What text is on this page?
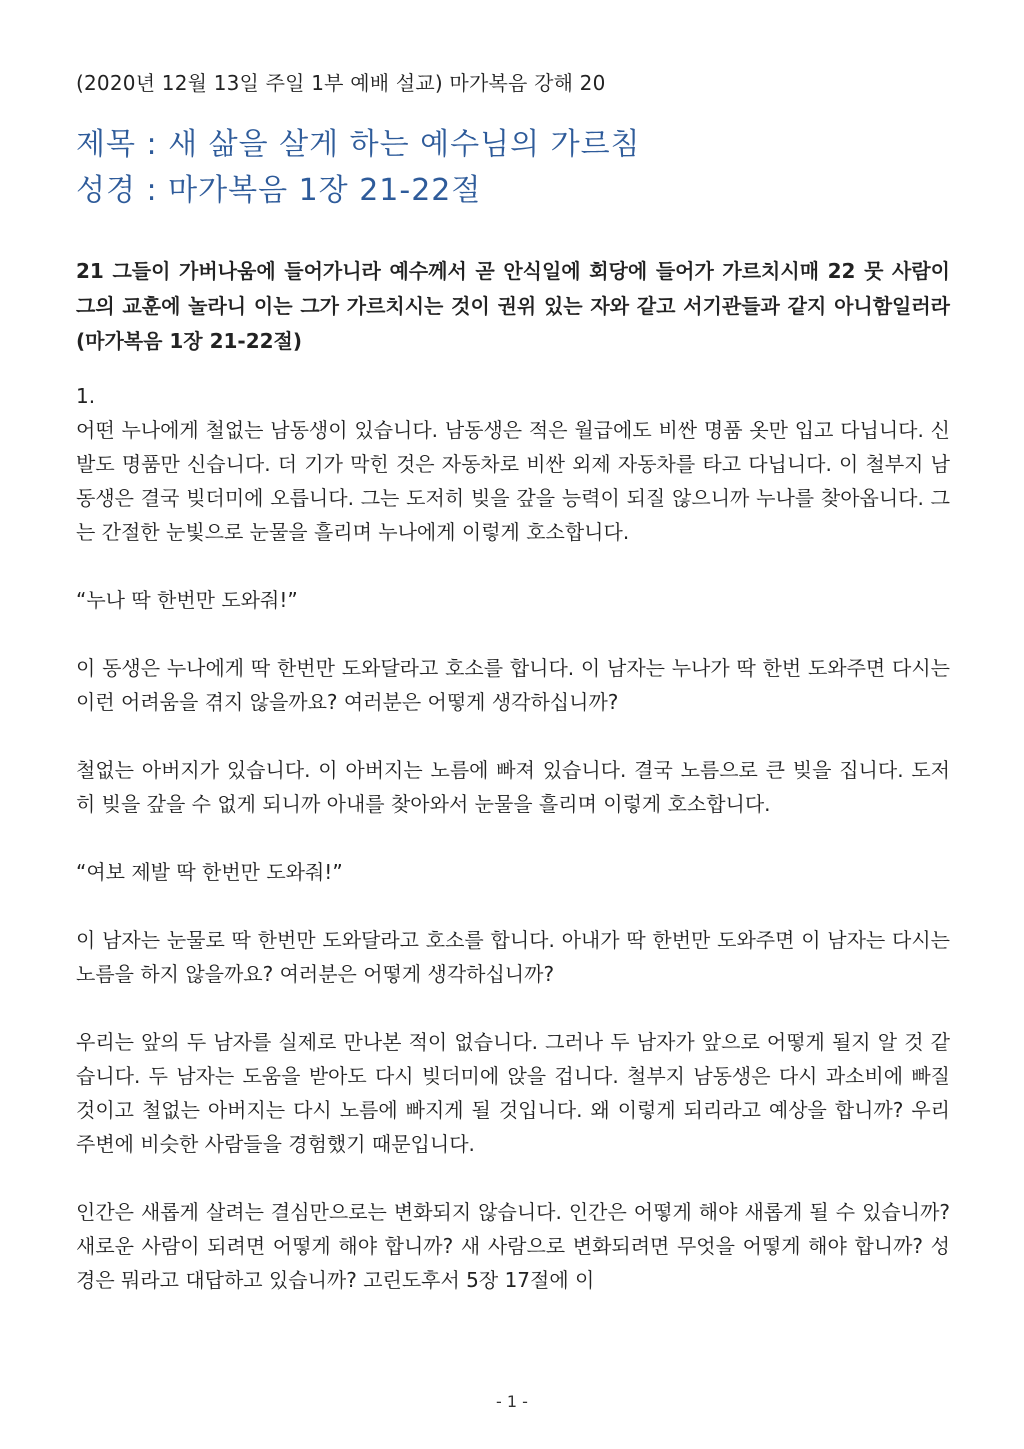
(2020년 12월 13일 주일 1부 예배 설교) 마가복음 강해 20
제목 : 새 삶을 살게 하는 예수님의 가르침
성경 : 마가복음 1장 21-22절
21 그들이 가버나움에 들어가니라 예수께서 곧 안식일에 회당에 들어가 가르치시매 22 뭇 사람이 그의 교훈에 놀라니 이는 그가 가르치시는 것이 권위 있는 자와 같고 서기관들과 같지 아니함일러라 (마가복음 1장 21-22절)
1.
어떤 누나에게 철없는 남동생이 있습니다. 남동생은 적은 월급에도 비싼 명품 옷만 입고 다닙니다. 신발도 명품만 신습니다. 더 기가 막힌 것은 자동차로 비싼 외제 자동차를 타고 다닙니다. 이 철부지 남동생은 결국 빚더미에 오릅니다. 그는 도저히 빚을 갚을 능력이 되질 않으니까 누나를 찾아옵니다. 그는 간절한 눈빛으로 눈물을 흘리며 누나에게 이렇게 호소합니다.
“누나 딱 한번만 도와줘!”
이 동생은 누나에게 딱 한번만 도와달라고 호소를 합니다. 이 남자는 누나가 딱 한번 도와주면 다시는 이런 어려움을 겪지 않을까요? 여러분은 어떻게 생각하십니까?
철없는 아버지가 있습니다. 이 아버지는 노름에 빠져 있습니다. 결국 노름으로 큰 빚을 집니다. 도저히 빚을 갚을 수 없게 되니까 아내를 찾아와서 눈물을 흘리며 이렇게 호소합니다.
“여보 제발 딱 한번만 도와줘!”
이 남자는 눈물로 딱 한번만 도와달라고 호소를 합니다. 아내가 딱 한번만 도와주면 이 남자는 다시는 노름을 하지 않을까요? 여러분은 어떻게 생각하십니까?
우리는 앞의 두 남자를 실제로 만나본 적이 없습니다. 그러나 두 남자가 앞으로 어떻게 될지 알 것 같습니다. 두 남자는 도움을 받아도 다시 빚더미에 앉을 겁니다. 철부지 남동생은 다시 과소비에 빠질 것이고 철없는 아버지는 다시 노름에 빠지게 될 것입니다. 왜 이렇게 되리라고 예상을 합니까? 우리 주변에 비슷한 사람들을 경험했기 때문입니다.
인간은 새롭게 살려는 결심만으로는 변화되지 않습니다. 인간은 어떻게 해야 새롭게 될 수 있습니까? 새로운 사람이 되려면 어떻게 해야 합니까? 새 사람으로 변화되려면 무엇을 어떻게 해야 합니까? 성경은 뭐라고 대답하고 있습니까? 고린도후서 5장 17절에 이
- 1 -
